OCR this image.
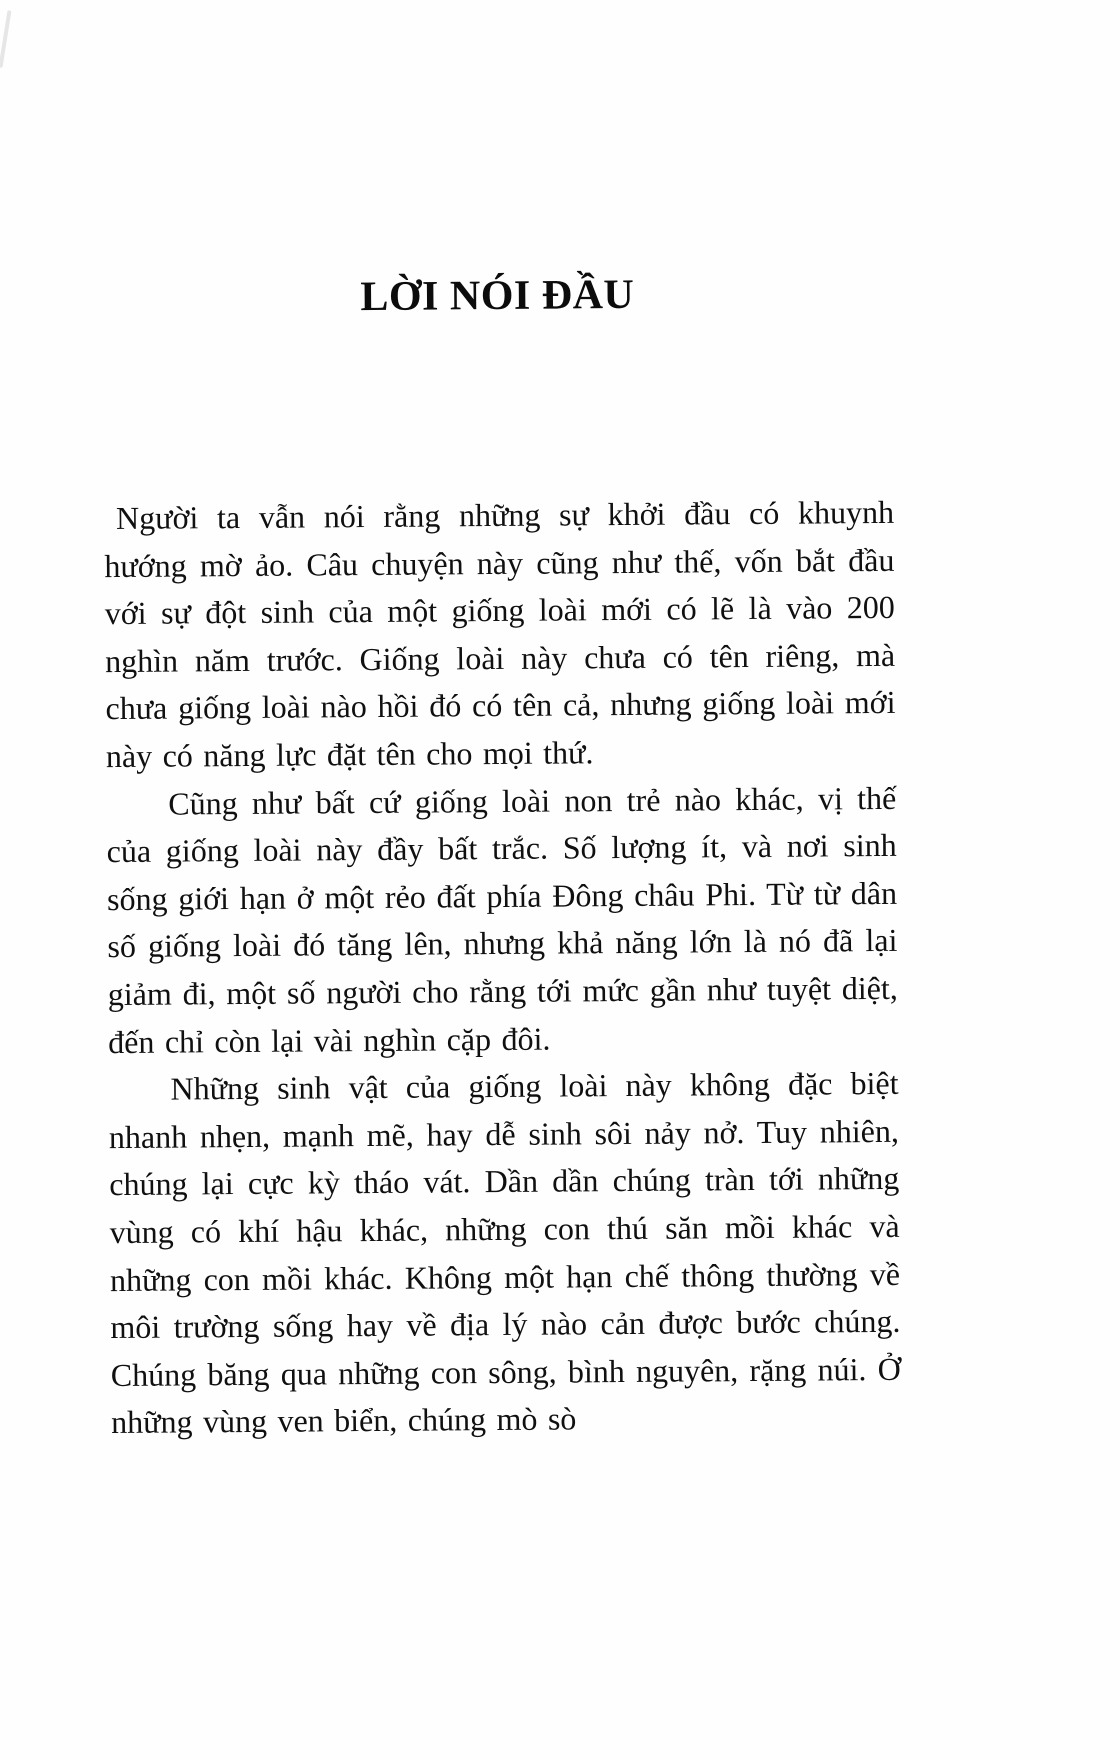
LỜI NÓI ĐẦU

Người ta vẫn nói rằng những sự khởi đầu có khuynh hướng mờ ảo. Câu chuyện này cũng như thế, vốn bắt đầu với sự đột sinh của một giống loài mới có lẽ là vào 200 nghìn năm trước. Giống loài này chưa có tên riêng, mà chưa giống loài nào hồi đó có tên cả, nhưng giống loài mới này có năng lực đặt tên cho mọi thứ.

Cũng như bất cứ giống loài non trẻ nào khác, vị thế của giống loài này đầy bất trắc. Số lượng ít, và nơi sinh sống giới hạn ở một rẻo đất phía Đông châu Phi. Từ từ dân số giống loài đó tăng lên, nhưng khả năng lớn là nó đã lại giảm đi, một số người cho rằng tới mức gần như tuyệt diệt, đến chỉ còn lại vài nghìn cặp đôi.

Những sinh vật của giống loài này không đặc biệt nhanh nhẹn, mạnh mẽ, hay dễ sinh sôi nảy nở. Tuy nhiên, chúng lại cực kỳ tháo vát. Dần dần chúng tràn tới những vùng có khí hậu khác, những con thú săn mồi khác và những con mồi khác. Không một hạn chế thông thường về môi trường sống hay về địa lý nào cản được bước chúng. Chúng băng qua những con sông, bình nguyên, rặng núi. Ở những vùng ven biển, chúng mò sò
